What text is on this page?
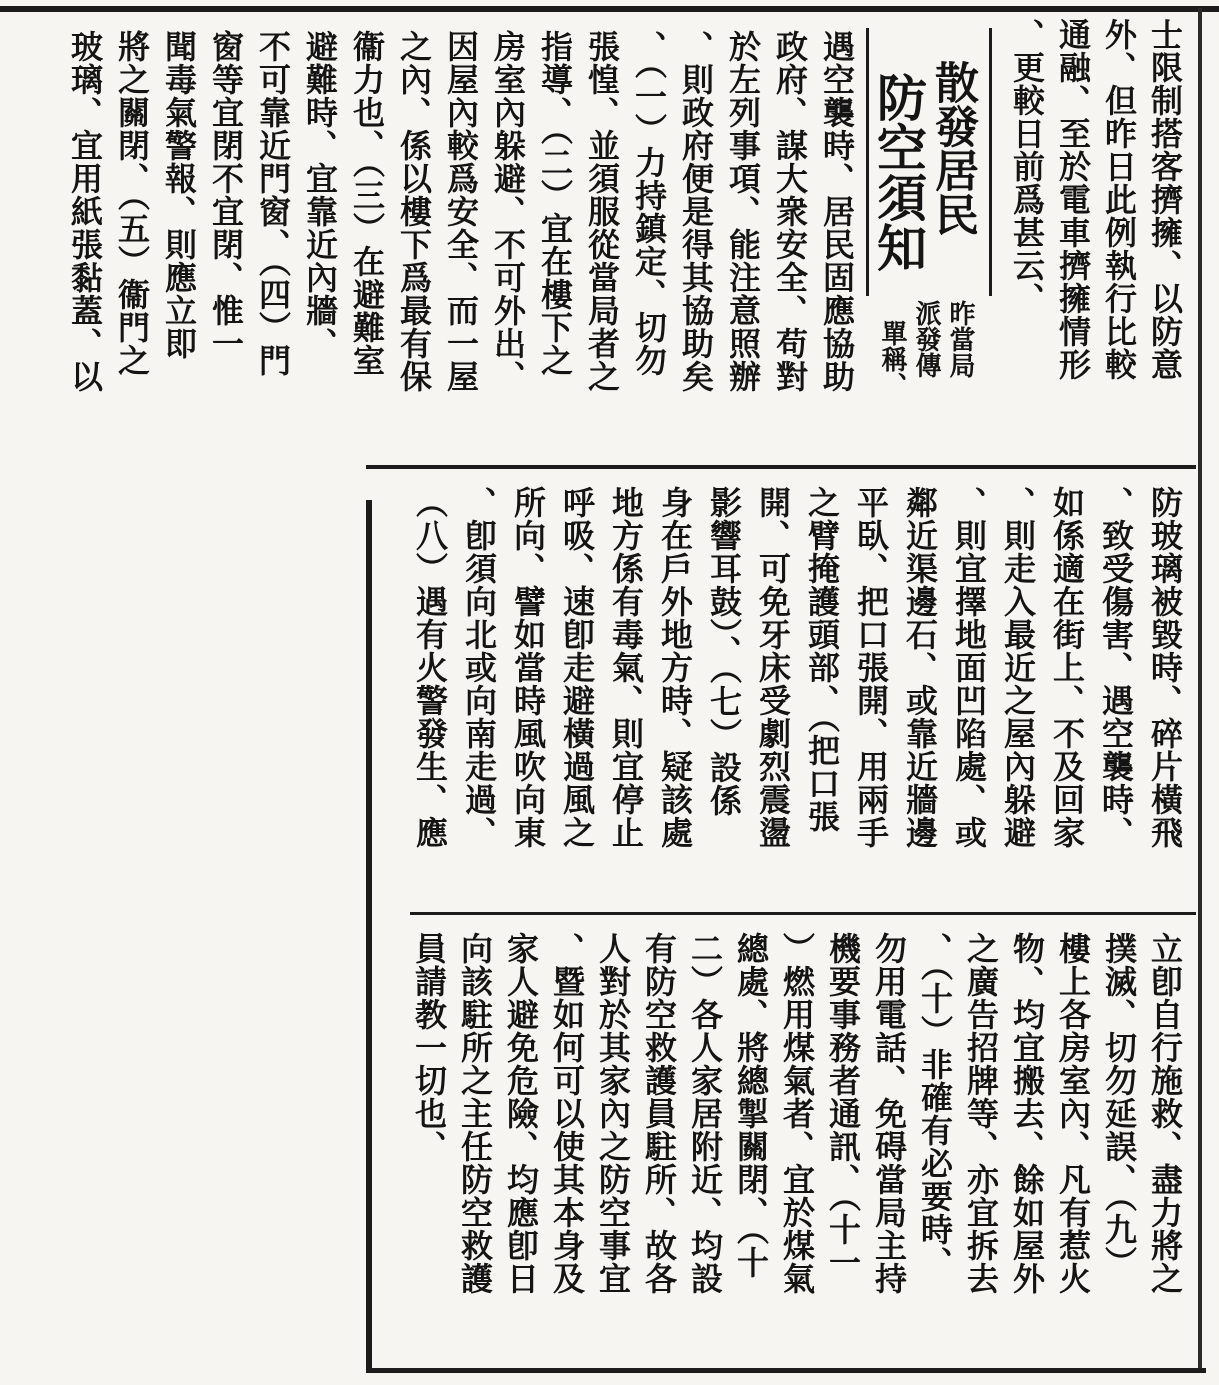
士限制搭客擠擁、以防意
外、但昨日此例執行比較
通融、至於電車擠擁情形
、更較日前爲甚云、
散發居民
防空須知
昨當局
派發傳
單稱、
遇空襲時、居民固應協助
政府、謀大衆安全、苟對
於左列事項、能注意照辦
、則政府便是得其協助矣
、（一）力持鎮定、切勿
張惶、並須服從當局者之
指導、（二）宜在樓下之
房室內躲避、不可外出、
因屋內較爲安全、而一屋
之內、係以樓下爲最有保
衞力也、（三）在避難室
避難時、宜靠近內牆、
不可靠近門窗、（四）門
窗等宜閉不宜閉、惟一
聞毒氣警報、則應立即
將之關閉、（五）衞門之
玻璃、宜用紙張黏蓋、以
防玻璃被毀時、碎片橫飛
、致受傷害、遇空襲時、
如係適在街上、不及回家
、則走入最近之屋內躲避
、則宜擇地面凹陷處、或
鄰近渠邊石、或靠近牆邊
平臥、把口張開、用兩手
之臂掩護頭部、（把口張
開、可免牙床受劇烈震盪
影響耳鼓）、（七）設係
身在戶外地方時、疑該處
地方係有毒氣、則宜停止
呼吸、速卽走避橫過風之
所向、譬如當時風吹向東
、卽須向北或向南走過、
（八）遇有火警發生、應
立卽自行施救、盡力將之
撲滅、切勿延誤、（九）
樓上各房室內、凡有惹火
物、均宜搬去、餘如屋外
之廣告招牌等、亦宜拆去
、（十）非確有必要時、
勿用電話、免碍當局主持
機要事務者通訊、（十一
）燃用煤氣者、宜於煤氣
總處、將總掣關閉、（十
二）各人家居附近、均設
有防空救護員駐所、故各
人對於其家內之防空事宜
、暨如何可以使其本身及
家人避免危險、均應卽日
向該駐所之主任防空救護
員請教一切也、
